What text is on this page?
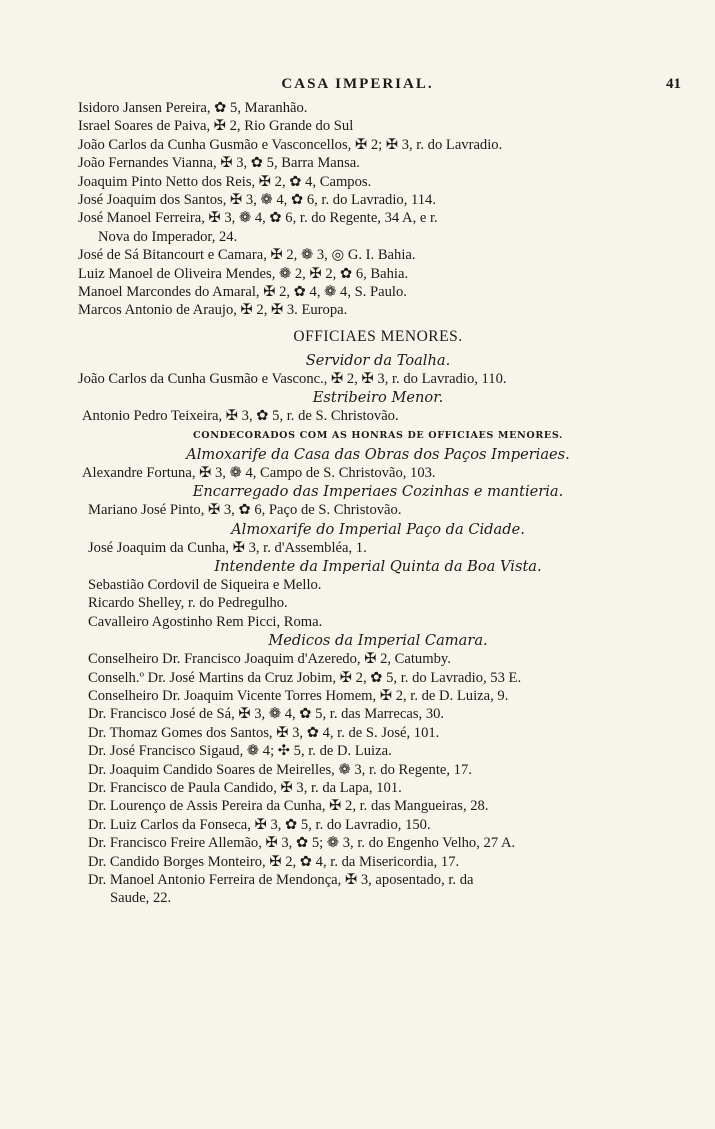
CASA IMPERIAL.	41
Isidoro Jansen Pereira, ✿ 5, Maranhão.
Israel Soares de Paiva, ✠ 2, Rio Grande do Sul
João Carlos da Cunha Gusmão e Vasconcellos, ✠ 2; ✠ 3, r. do Lavradio.
João Fernandes Vianna, ✠ 3, ✿ 5, Barra Mansa.
Joaquim Pinto Netto dos Reis, ✠ 2, ✿ 4, Campos.
José Joaquim dos Santos, ✠ 3, ❁ 4, ✿ 6, r. do Lavradio, 114.
José Manoel Ferreira, ✠ 3, ❁ 4, ✿ 6, r. do Regente, 34 A, e r.
Nova do Imperador, 24.
José de Sá Bitancourt e Camara, ✠ 2, ❁ 3, ◎ G. I. Bahia.
Luiz Manoel de Oliveira Mendes, ❁ 2, ✠ 2, ✿ 6, Bahia.
Manoel Marcondes do Amaral, ✠ 2, ✿ 4, ❁ 4, S. Paulo.
Marcos Antonio de Araujo, ✠ 2, ✠ 3. Europa.
OFFICIAES MENORES.
Servidor da Toalha.
João Carlos da Cunha Gusmão e Vasconc., ✠ 2, ✠ 3, r. do Lavradio, 110.
Estribeiro Menor.
Antonio Pedro Teixeira, ✠ 3, ✿ 5, r. de S. Christovão.
CONDECORADOS COM AS HONRAS DE OFFICIAES MENORES.
Almoxarife da Casa das Obras dos Paços Imperiaes.
Alexandre Fortuna, ✠ 3, ❁ 4, Campo de S. Christovão, 103.
Encarregado das Imperiaes Cozinhas e mantieria.
Mariano José Pinto, ✠ 3, ✿ 6, Paço de S. Christovão.
Almoxarife do Imperial Paço da Cidade.
José Joaquim da Cunha, ✠ 3, r. d'Assembléa, 1.
Intendente da Imperial Quinta da Boa Vista.
Sebastião Cordovil de Siqueira e Mello.
Ricardo Shelley, r. do Pedregulho.
Cavalleiro Agostinho Rem Picci, Roma.
Medicos da Imperial Camara.
Conselheiro Dr. Francisco Joaquim d'Azeredo, ✠ 2, Catumby.
Conselh.º Dr. José Martins da Cruz Jobim, ✠ 2, ✿ 5, r. do Lavradio, 53 E.
Conselheiro Dr. Joaquim Vicente Torres Homem, ✠ 2, r. de D. Luiza, 9.
Dr. Francisco José de Sá, ✠ 3, ❁ 4, ✿ 5, r. das Marrecas, 30.
Dr. Thomaz Gomes dos Santos, ✠ 3, ✿ 4, r. de S. José, 101.
Dr. José Francisco Sigaud, ❁ 4; ✣ 5, r. de D. Luiza.
Dr. Joaquim Candido Soares de Meirelles, ❁ 3, r. do Regente, 17.
Dr. Francisco de Paula Candido, ✠ 3, r. da Lapa, 101.
Dr. Lourenço de Assis Pereira da Cunha, ✠ 2, r. das Mangueiras, 28.
Dr. Luiz Carlos da Fonseca, ✠ 3, ✿ 5, r. do Lavradio, 150.
Dr. Francisco Freire Allemão, ✠ 3, ✿ 5; ❁ 3, r. do Engenho Velho, 27 A.
Dr. Candido Borges Monteiro, ✠ 2, ✿ 4, r. da Misericordia, 17.
Dr. Manoel Antonio Ferreira de Mendonça, ✠ 3, aposentado, r. da
Saude, 22.
